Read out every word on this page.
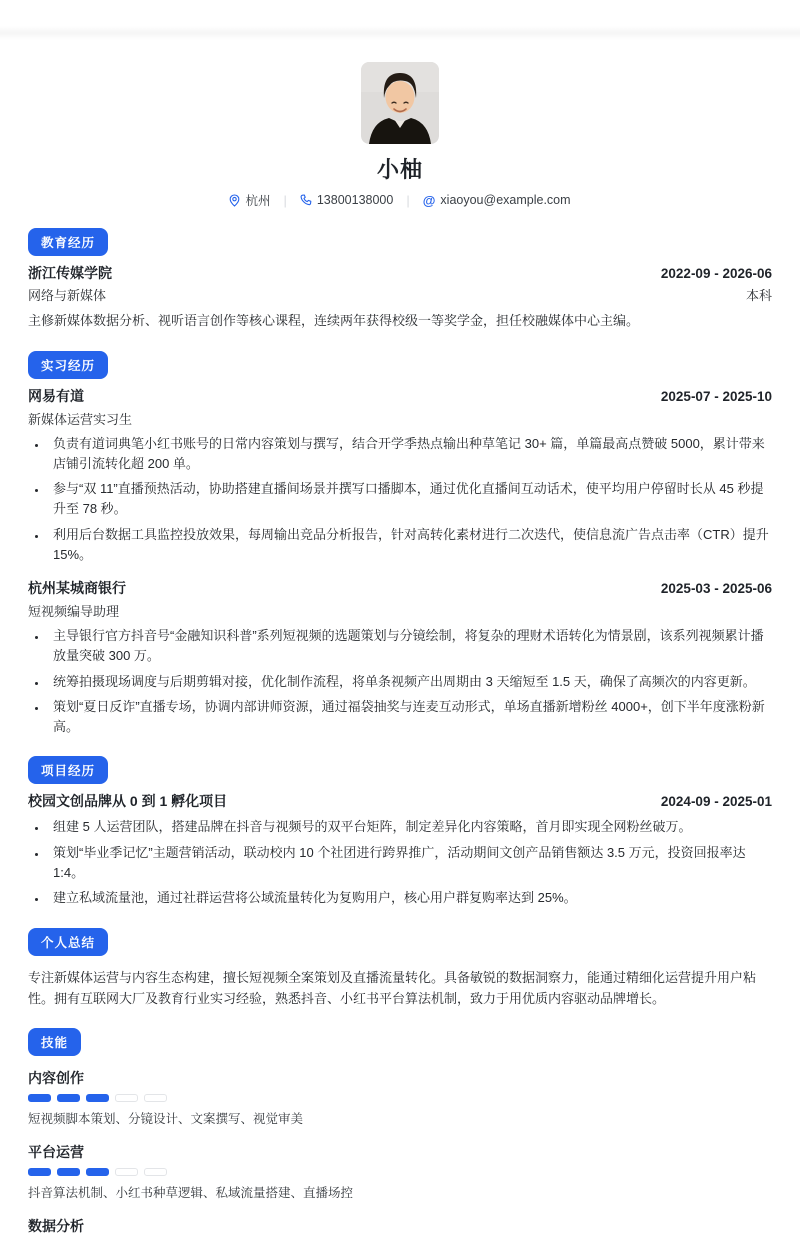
小柚
杭州 | 13800138000 | @ xiaoyou@example.com
教育经历
浙江传媒学院	2022-09 - 2026-06
网络与新媒体	本科
主修新媒体数据分析、视听语言创作等核心课程，连续两年获得校级一等奖学金，担任校融媒体中心主编。
实习经历
网易有道	2025-07 - 2025-10
新媒体运营实习生
• 负责有道词典笔小红书账号的日常内容策划与撰写，结合开学季热点输出种草笔记 30+ 篇，单篇最高点赞破 5000，累计带来店铺引流转化超 200 单。
• 参与“双 11”直播预热活动，协助搭建直播间场景并撰写口播脚本，通过优化直播间互动话术，使平均用户停留时长从 45 秒提升至 78 秒。
• 利用后台数据工具监控投放效果，每周输出竞品分析报告，针对高转化素材进行二次迭代，使信息流广告点击率（CTR）提升 15%。
杭州某城商银行	2025-03 - 2025-06
短视频编导助理
• 主导银行官方抖音号“金融知识科普”系列短视频的选题策划与分镜绘制，将复杂的理财术语转化为情景剧，该系列视频累计播放量突破 300 万。
• 统筹拍摄现场调度与后期剪辑对接，优化制作流程，将单条视频产出周期由 3 天缩短至 1.5 天，确保了高频次的内容更新。
• 策划“夏日反诈”直播专场，协调内部讲师资源，通过福袋抽奖与连麦互动形式，单场直播新增粉丝 4000+，创下半年度涨粉新高。
项目经历
校园文创品牌从 0 到 1 孵化项目	2024-09 - 2025-01
• 组建 5 人运营团队，搭建品牌在抖音与视频号的双平台矩阵，制定差异化内容策略，首月即实现全网粉丝破万。
• 策划“毕业季记忆”主题营销活动，联动校内 10 个社团进行跨界推广，活动期间文创产品销售额达 3.5 万元，投资回报率达 1:4。
• 建立私域流量池，通过社群运营将公域流量转化为复购用户，核心用户群复购率达到 25%。
个人总结
专注新媒体运营与内容生态构建，擅长短视频全案策划及直播流量转化。具备敏锐的数据洞察力，能通过精细化运营提升用户粘性。拥有互联网大厂及教育行业实习经验，熟悉抖音、小红书平台算法机制，致力于用优质内容驱动品牌增长。
技能
内容创作
短视频脚本策划、分镜设计、文案撰写、视觉审美
平台运营
抖音算法机制、小红书种草逻辑、私域流量搭建、直播场控
数据分析
